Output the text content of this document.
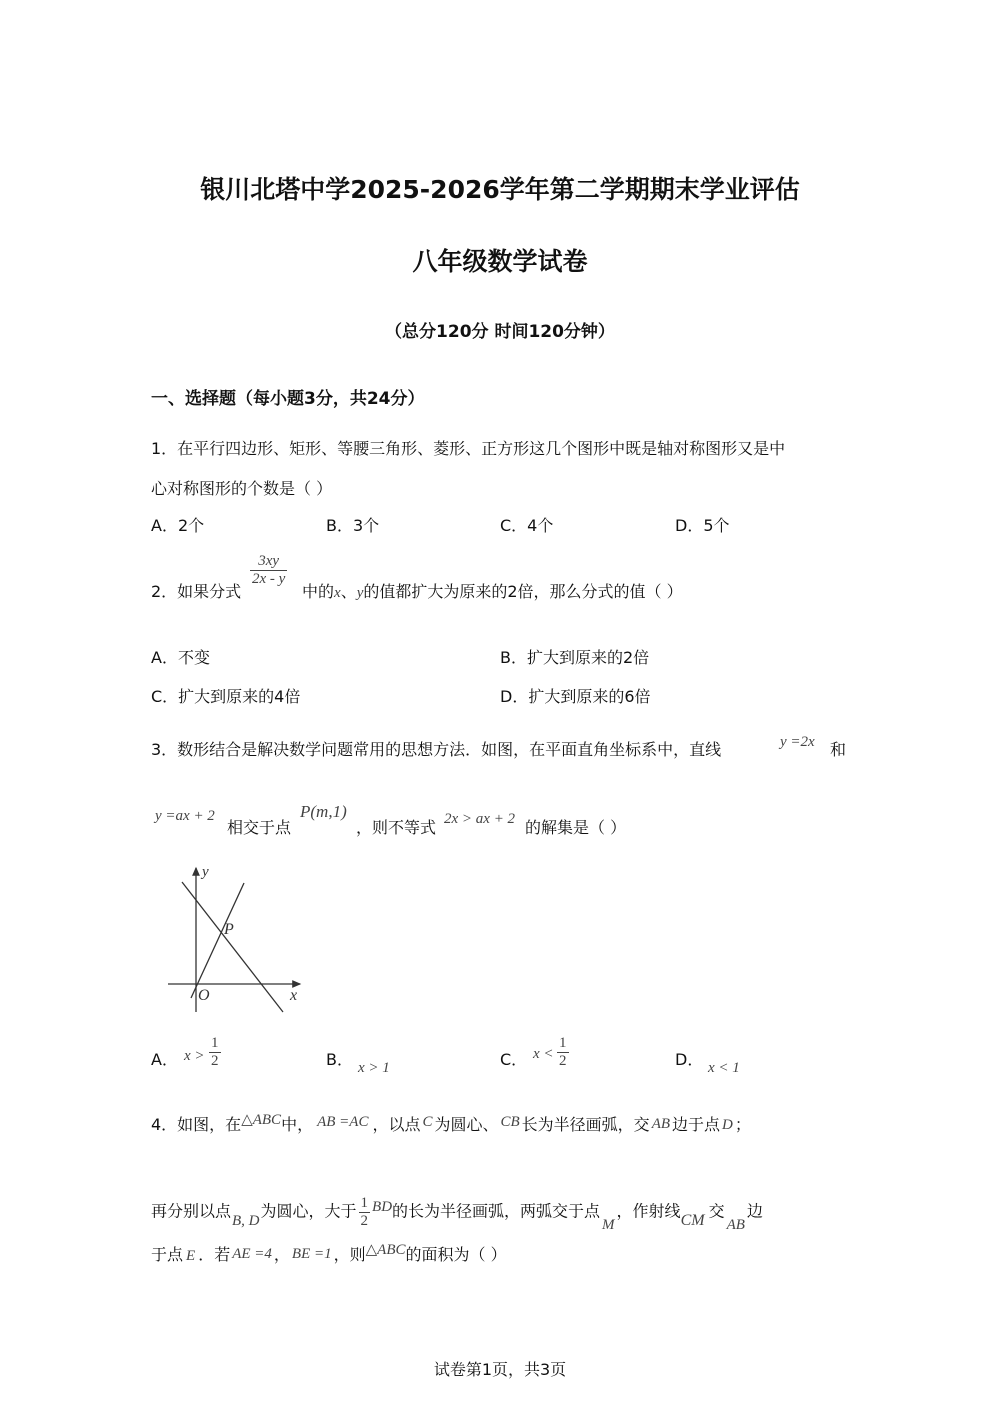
银川北塔中学2025-2026学年第二学期期末学业评估
八年级数学试卷
（总分120分 时间120分钟）
一、选择题（每小题3分，共24分）
1．在平行四边形、矩形、等腰三角形、菱形、正方形这几个图形中既是轴对称图形又是中
心对称图形的个数是（ ）
A．2个	B．3个	C．4个	D．5个
2．如果分式
$\frac{3xy}{2x - y}$
中的x、y的值都扩大为原来的2倍，那么分式的值（ ）
A．不变	B．扩大到原来的2倍
C．扩大到原来的4倍	D．扩大到原来的6倍
3．数形结合是解决数学问题常用的思想方法．如图，在平面直角坐标系中，直线	y =2x 和
y =ax + 2
相交于点
P(m,1)
，则不等式 2x > ax + 2 的解集是（ ）
y
x
O
P
A． $x > \frac{1}{2}$	B． x > 1	C． $x < \frac{1}{2}$	D． x < 1
4．如图，在△ABC中， AB =AC ，以点 C 为圆心、 CB 长为半径画弧，交 AB 边于点 D ；
再分别以点B, D为圆心，大于 $\frac{1}{2}$ BD的长为半径画弧，两弧交于点M，作射线CM 交AB边
于点 E ．若 AE =4 ， BE =1 ，则△ABC的面积为（ ）
试卷第1页，共3页
